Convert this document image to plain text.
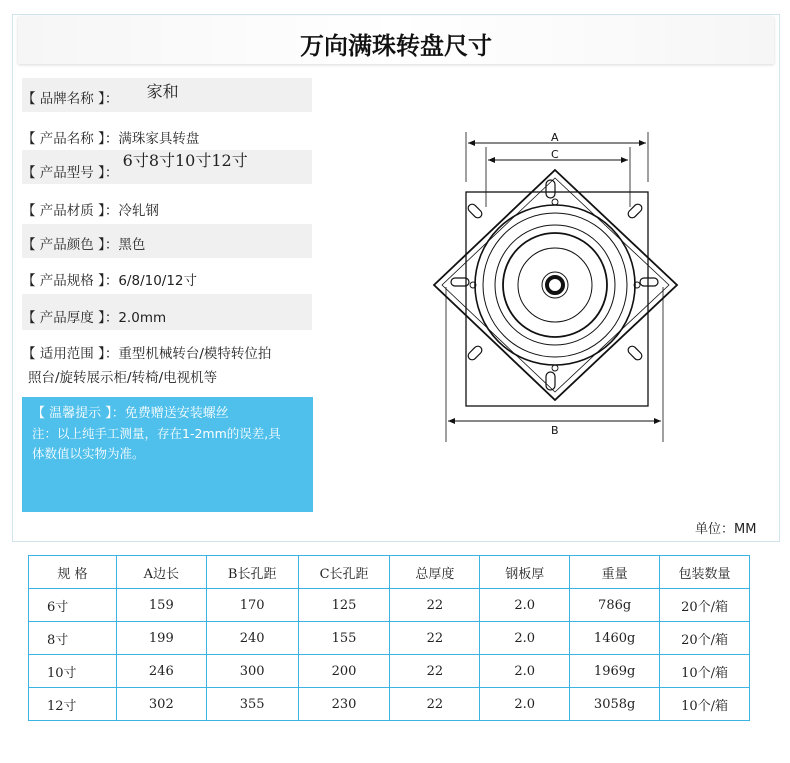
万向满珠转盘尺寸
【 品牌名称 】： 家和
【 产品名称 】：满珠家具转盘
【 产品型号 】： 6寸8寸10寸12寸
【 产品材质 】：冷轧钢
【 产品颜色 】：黑色
【 产品规格 】：6/8/10/12寸
【 产品厚度 】：2.0mm
【 适用范围 】：重型机械转台/模特转位拍
照台/旋转展示柜/转椅/电视机等
【 温馨提示 】：免费赠送安装螺丝
注：以上纯手工测量，存在1-2mm的误差,具
体数值以实物为准。
A
C
B
单位：MM
规 格	A边长	B长孔距	C长孔距	总厚度	钢板厚	重量	包装数量
6寸	159	170	125	22	2.0	786g	20个/箱
8寸	199	240	155	22	2.0	1460g	20个/箱
10寸	246	300	200	22	2.0	1969g	10个/箱
12寸	302	355	230	22	2.0	3058g	10个/箱
